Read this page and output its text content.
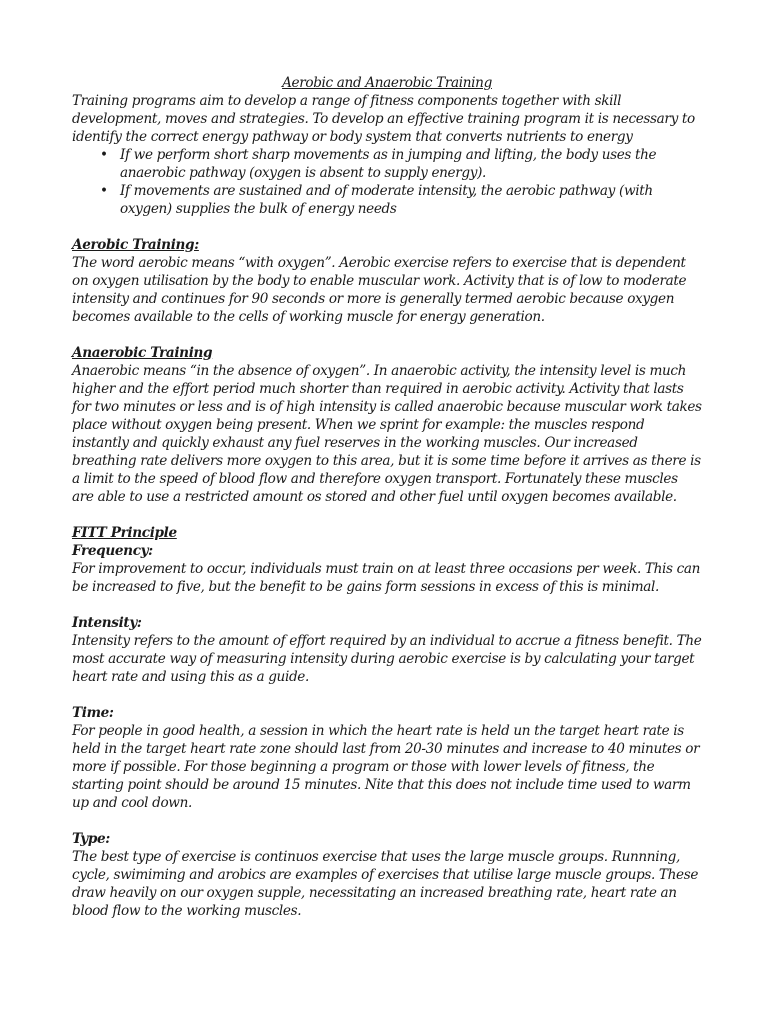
Aerobic and Anaerobic Training

Training programs aim to develop a range of fitness components together with skill development, moves and strategies. To develop an effective training program it is necessary to identify the correct energy pathway or body system that converts nutrients to energy

• If we perform short sharp movements as in jumping and lifting, the body uses the anaerobic pathway (oxygen is absent to supply energy).
• If movements are sustained and of moderate intensity, the aerobic pathway (with oxygen) supplies the bulk of energy needs

Aerobic Training:

The word aerobic means “with oxygen”. Aerobic exercise refers to exercise that is dependent on oxygen utilisation by the body to enable muscular work. Activity that is of low to moderate intensity and continues for 90 seconds or more is generally termed aerobic because oxygen becomes available to the cells of working muscle for energy generation.

Anaerobic Training

Anaerobic means “in the absence of oxygen”. In anaerobic activity, the intensity level is much higher and the effort period much shorter than required in aerobic activity. Activity that lasts for two minutes or less and is of high intensity is called anaerobic because muscular work takes place without oxygen being present. When we sprint for example: the muscles respond instantly and quickly exhaust any fuel reserves in the working muscles. Our increased breathing rate delivers more oxygen to this area, but it is some time before it arrives as there is a limit to the speed of blood flow and therefore oxygen transport. Fortunately these muscles are able to use a restricted amount os stored and other fuel until oxygen becomes available.

FITT Principle

Frequency:

For improvement to occur, individuals must train on at least three occasions per week. This can be increased to five, but the benefit to be gains form sessions in excess of this is minimal.

Intensity:

Intensity refers to the amount of effort required by an individual to accrue a fitness benefit. The most accurate way of measuring intensity during aerobic exercise is by calculating your target heart rate and using this as a guide.

Time:

For people in good health, a session in which the heart rate is held un the target heart rate is held in the target heart rate zone should last from 20-30 minutes and increase to 40 minutes or more if possible. For those beginning a program or those with lower levels of fitness, the starting point should be around 15 minutes. Nite that this does not include time used to warm up and cool down.

Type:

The best type of exercise is continuos exercise that uses the large muscle groups. Runnning, cycle, swimiming and arobics are examples of exercises that utilise large muscle groups. These draw heavily on our oxygen supple, necessitating an increased breathing rate, heart rate an blood flow to the working muscles.
